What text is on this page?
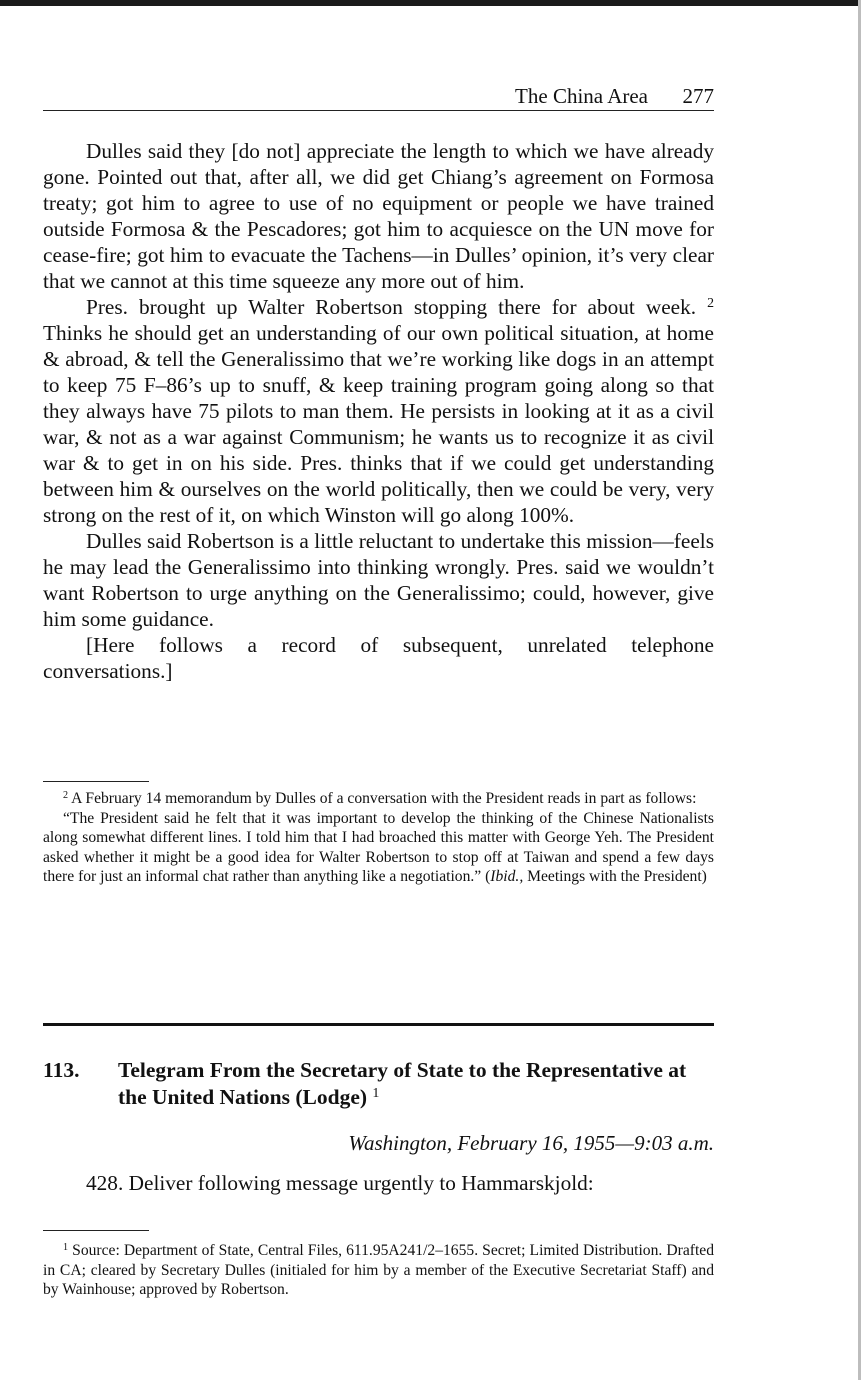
The China Area 277

Dulles said they [do not] appreciate the length to which we have already gone. Pointed out that, after all, we did get Chiang’s agreement on Formosa treaty; got him to agree to use of no equipment or people we have trained outside Formosa & the Pescadores; got him to acquiesce on the UN move for cease-fire; got him to evacuate the Tachens—in Dulles’ opinion, it’s very clear that we cannot at this time squeeze any more out of him.

Pres. brought up Walter Robertson stopping there for about week. $^2$ Thinks he should get an understanding of our own political situation, at home & abroad, & tell the Generalissimo that we’re working like dogs in an attempt to keep 75 F–86’s up to snuff, & keep training program going along so that they always have 75 pilots to man them. He persists in looking at it as a civil war, & not as a war against Communism; he wants us to recognize it as civil war & to get in on his side. Pres. thinks that if we could get understanding between him & ourselves on the world politically, then we could be very, very strong on the rest of it, on which Winston will go along 100%.

Dulles said Robertson is a little reluctant to undertake this mission—feels he may lead the Generalissimo into thinking wrongly. Pres. said we wouldn’t want Robertson to urge anything on the Generalissimo; could, however, give him some guidance.

[Here follows a record of subsequent, unrelated telephone conversations.]

$^2$ A February 14 memorandum by Dulles of a conversation with the President reads in part as follows:

“The President said he felt that it was important to develop the thinking of the Chinese Nationalists along somewhat different lines. I told him that I had broached this matter with George Yeh. The President asked whether it might be a good idea for Walter Robertson to stop off at Taiwan and spend a few days there for just an informal chat rather than anything like a negotiation.” (Ibid., Meetings with the President)

113. Telegram From the Secretary of State to the Representative at the United Nations (Lodge) $^1$
Washington, February 16, 1955—9:03 a.m.
428. Deliver following message urgently to Hammarskjold:

$^1$ Source: Department of State, Central Files, 611.95A241/2–1655. Secret; Limited Distribution. Drafted in CA; cleared by Secretary Dulles (initialed for him by a member of the Executive Secretariat Staff) and by Wainhouse; approved by Robertson.
